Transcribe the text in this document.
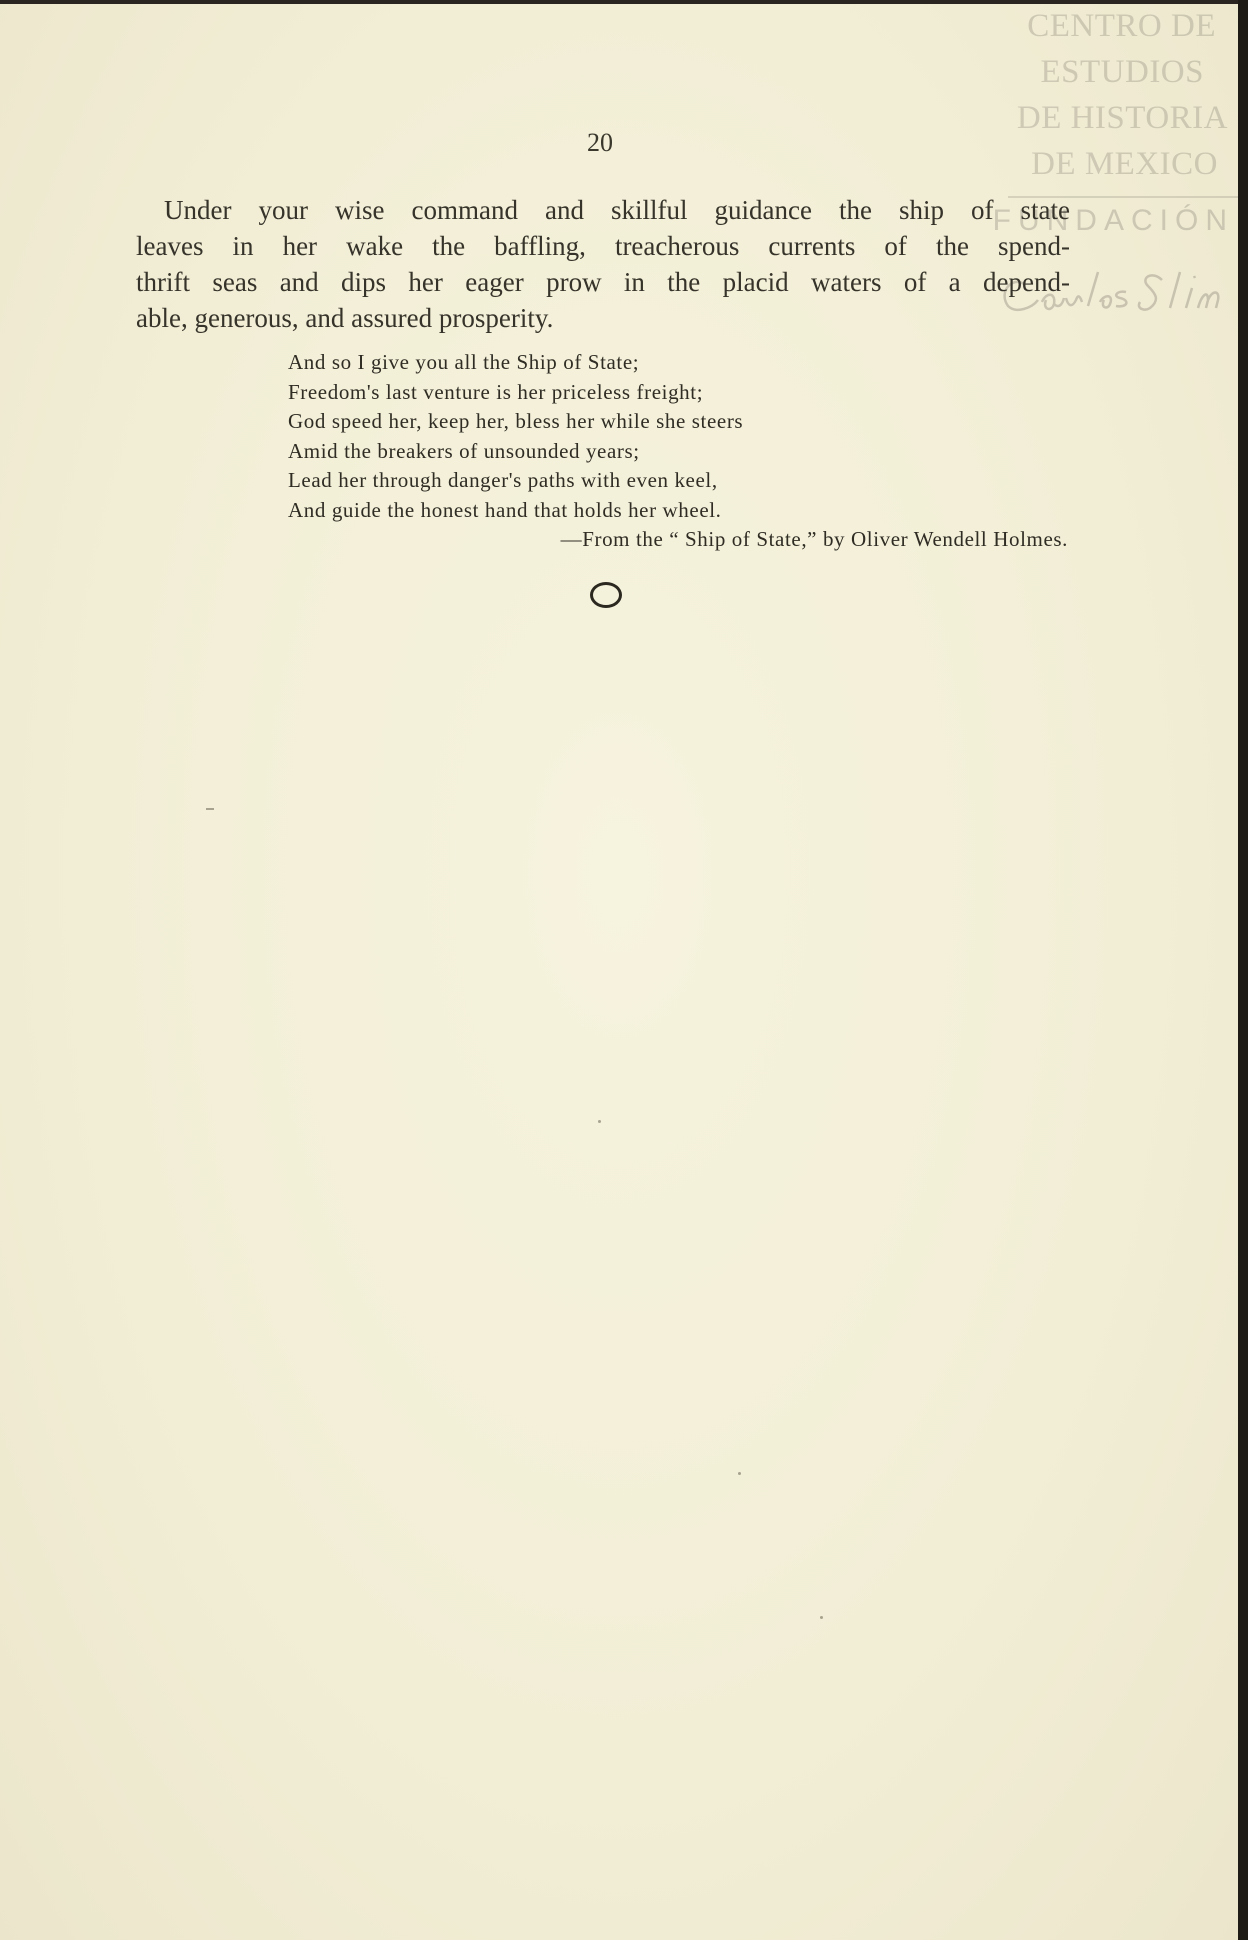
CENTRO DE
ESTUDIOS
DE HISTORIA
DE MEXICO
FUNDACIÓN
20
Under your wise command and skillful guidance the ship of state
leaves in her wake the baffling, treacherous currents of the spend-
thrift seas and dips her eager prow in the placid waters of a depend-
able, generous, and assured prosperity.
And so I give you all the Ship of State;
Freedom's last venture is her priceless freight;
God speed her, keep her, bless her while she steers
Amid the breakers of unsounded years;
Lead her through danger's paths with even keel,
And guide the honest hand that holds her wheel.
—From the “ Ship of State,” by Oliver Wendell Holmes.
